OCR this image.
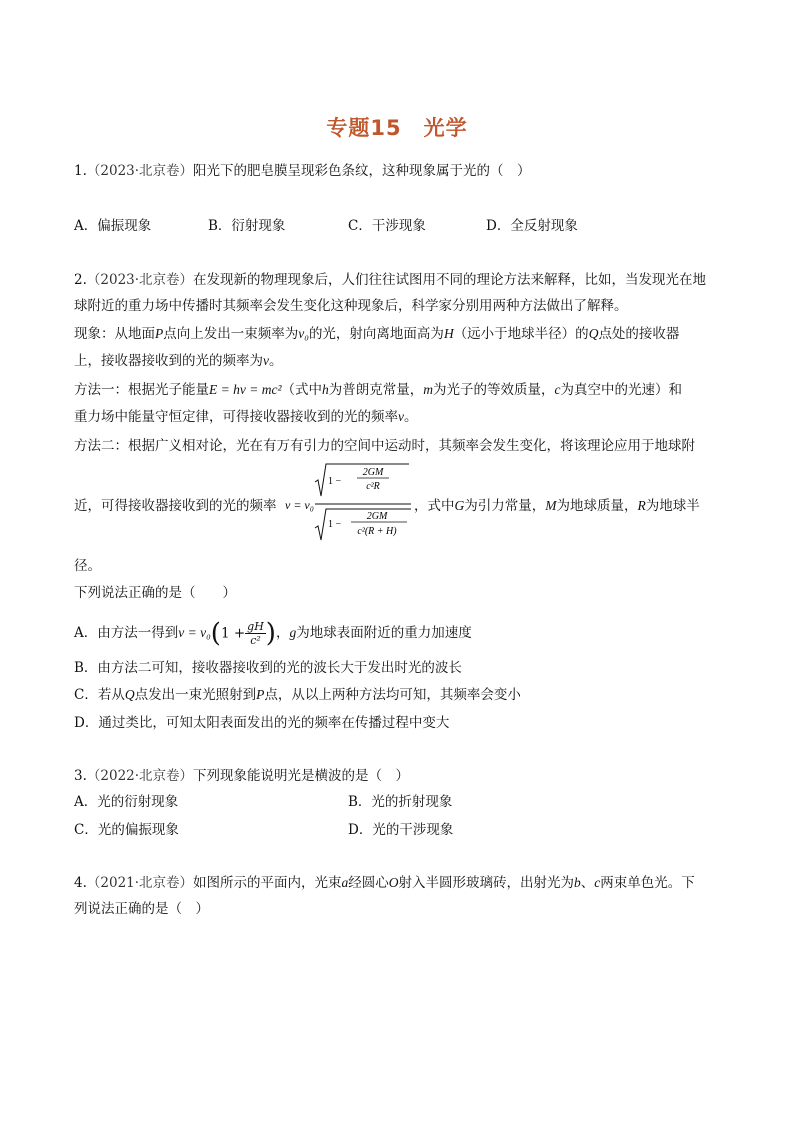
专题15　光学
1.（2023·北京卷）阳光下的肥皂膜呈现彩色条纹，这种现象属于光的（　）
A．偏振现象	B．衍射现象	C．干涉现象	D．全反射现象
2.（2023·北京卷）在发现新的物理现象后，人们往往试图用不同的理论方法来解释，比如，当发现光在地
球附近的重力场中传播时其频率会发生变化这种现象后，科学家分别用两种方法做出了解释。
现象：从地面P点向上发出一束频率为ν₀的光，射向离地面高为H（远小于地球半径）的Q点处的接收器
上，接收器接收到的光的频率为ν。
方法一：根据光子能量E = hν = mc²（式中h为普朗克常量，m为光子的等效质量，c为真空中的光速）和
重力场中能量守恒定律，可得接收器接收到的光的频率ν。
方法二：根据广义相对论，光在有万有引力的空间中运动时，其频率会发生变化，将该理论应用于地球附
近，可得接收器接收到的光的频率 ν = ν₀
1 −
2GM
c²R
1 −
2GM
c²(R + H)
，式中G为引力常量，M为地球质量，R为地球半
径。
下列说法正确的是（　　）
A．由方法一得到$\nu = \nu_0(1 + \frac{gH}{\text{c²}}$ )，g为地球表面附近的重力加速度
B．由方法二可知，接收器接收到的光的波长大于发出时光的波长
C．若从Q点发出一束光照射到P点，从以上两种方法均可知，其频率会变小
D．通过类比，可知太阳表面发出的光的频率在传播过程中变大
3.（2022·北京卷）下列现象能说明光是横波的是（　）
A．光的衍射现象	B．光的折射现象
C．光的偏振现象	D．光的干涉现象
4.（2021·北京卷）如图所示的平面内，光束a经圆心O射入半圆形玻璃砖，出射光为b、c两束单色光。下
列说法正确的是（　）
